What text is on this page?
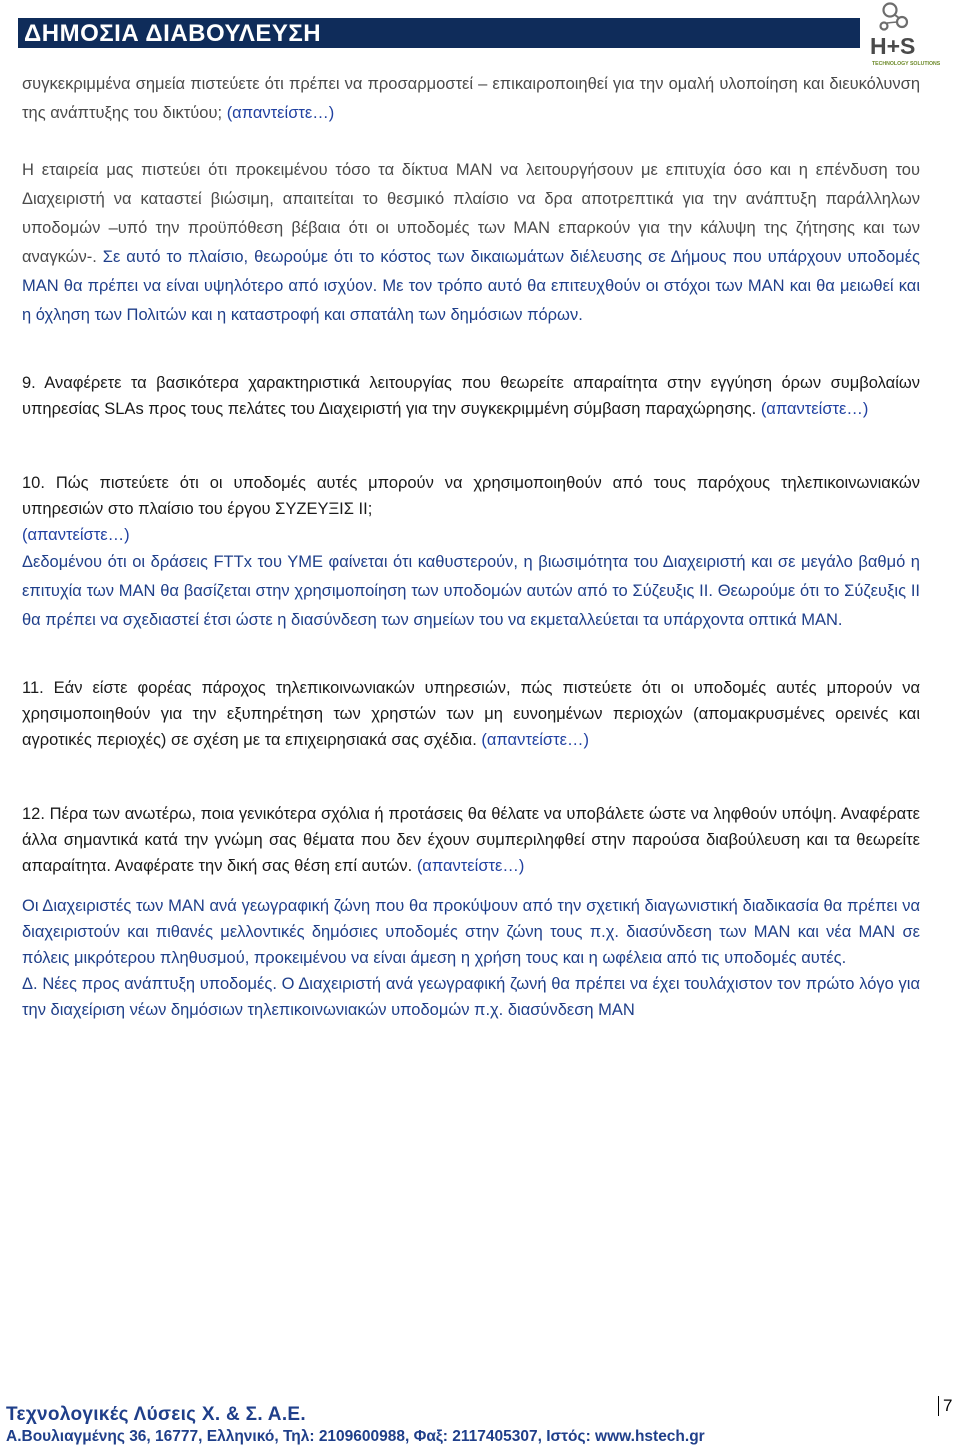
ΔΗΜΟΣΙΑ ΔΙΑΒΟΥΛΕΥΣΗ	H+S
TECHNOLOGY SOLUTIONS

συγκεκριμμένα σημεία πιστεύετε ότι πρέπει να προσαρμοστεί – επικαιροποιηθεί για την ομαλή υλοποίηση και διευκόλυνση της ανάπτυξης του δικτύου; (απαντείστε…)

Η εταιρεία μας πιστεύει ότι προκειμένου τόσο τα δίκτυα ΜΑΝ να λειτουργήσουν με επιτυχία όσο και η επένδυση του Διαχειριστή να καταστεί βιώσιμη, απαιτείται το θεσμικό πλαίσιο να δρα αποτρεπτικά για την ανάπτυξη παράλληλων υποδομών –υπό την προϋπόθεση βέβαια ότι οι υποδομές των ΜΑΝ επαρκούν για την κάλυψη της ζήτησης και των αναγκών-. Σε αυτό το πλαίσιο, θεωρούμε ότι το κόστος των δικαιωμάτων διέλευσης σε Δήμους που υπάρχουν υποδομές ΜΑΝ θα πρέπει να είναι υψηλότερο από ισχύον. Με τον τρόπο αυτό θα επιτευχθούν οι στόχοι των ΜΑΝ και θα μειωθεί και η όχληση των Πολιτών και η καταστροφή και σπατάλη των δημόσιων πόρων.

9. Αναφέρετε τα βασικότερα χαρακτηριστικά λειτουργίας που θεωρείτε απαραίτητα στην εγγύηση όρων συμβολαίων υπηρεσίας SLAs προς τους πελάτες του Διαχειριστή για την συγκεκριμμένη σύμβαση παραχώρησης. (απαντείστε…)

10. Πώς πιστεύετε ότι οι υποδομές αυτές μπορούν να χρησιμοποιηθούν από τους παρόχους τηλεπικοινωνιακών υπηρεσιών στο πλαίσιο του έργου ΣΥΖΕΥΞΙΣ ΙΙ;
(απαντείστε…)

Δεδομένου ότι οι δράσεις FTTx του ΥΜΕ φαίνεται ότι καθυστερούν, η βιωσιμότητα του Διαχειριστή και σε μεγάλο βαθμό η επιτυχία των ΜΑΝ θα βασίζεται στην χρησιμοποίηση των υποδομών αυτών από το Σύζευξις ΙΙ. Θεωρούμε ότι το Σύζευξις ΙΙ θα πρέπει να σχεδιαστεί έτσι ώστε η διασύνδεση των σημείων του να εκμεταλλεύεται τα υπάρχοντα οπτικά ΜΑΝ.

11. Εάν είστε φορέας πάροχος τηλεπικοινωνιακών υπηρεσιών, πώς πιστεύετε ότι οι υποδομές αυτές μπορούν να χρησιμοποιηθούν για την εξυπηρέτηση των χρηστών των μη ευνοημένων περιοχών (απομακρυσμένες ορεινές και αγροτικές περιοχές) σε σχέση με τα επιχειρησιακά σας σχέδια. (απαντείστε…)

12. Πέρα των ανωτέρω, ποια γενικότερα σχόλια ή προτάσεις θα θέλατε να υποβάλετε ώστε να ληφθούν υπόψη. Αναφέρατε άλλα σημαντικά κατά την γνώμη σας θέματα που δεν έχουν συμπεριληφθεί στην παρούσα διαβούλευση και τα θεωρείτε απαραίτητα. Αναφέρατε την δική σας θέση επί αυτών. (απαντείστε…)

Οι Διαχειριστές των ΜΑΝ ανά γεωγραφική ζώνη που θα προκύψουν από την σχετική διαγωνιστική διαδικασία θα πρέπει να διαχειριστούν και πιθανές μελλοντικές δημόσιες υποδομές στην ζώνη τους π.χ. διασύνδεση των ΜΑΝ και νέα ΜΑΝ σε πόλεις μικρότερου πληθυσμού, προκειμένου να είναι άμεση η χρήση τους και η ωφέλεια από τις υποδομές αυτές.

Δ. Νέες προς ανάπτυξη υποδομές. Ο Διαχειριστή ανά γεωγραφική ζωνή θα πρέπει να έχει τουλάχιστον τον πρώτο λόγο για την διαχείριση νέων δημόσιων τηλεπικοινωνιακών υποδομών π.χ. διασύνδεση ΜΑΝ

Τεχνολογικές Λύσεις Χ. & Σ. Α.Ε.
Α.Βουλιαγμένης 36, 16777, Ελληνικό, Τηλ: 2109600988, Φαξ: 2117405307, Ιστός: www.hstech.gr
7
